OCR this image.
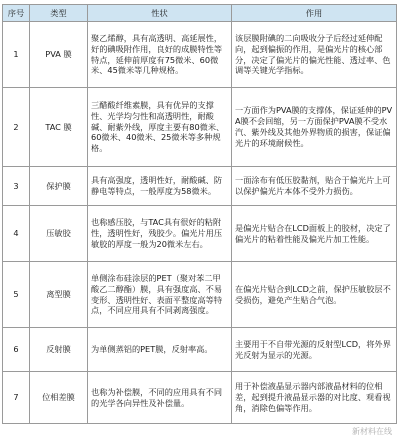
序号	类型	性状	作用
1	PVA 膜	聚乙烯醇，具有高透明、高延展性，好的碘吸附作用，良好的成膜特性等特点，延伸前厚度有75微米、60微米、45微米等几种规格。	该层膜附碘的二向吸收分子后经过延伸配向，起到偏振的作用，是偏光片的核心部分，决定了偏光片的偏光性能、透过率、色调等关键光学指标。
2	TAC 膜	三醋酸纤维素膜，具有优异的支撑性、光学均匀性和高透明性，耐酸碱、耐紫外线，厚度主要有80微米、60微米、40微米、25微米等多种规格。	一方面作为PVA膜的支撑体，保证延伸的PVA膜不会回缩，另一方面保护PVA膜不受水汽、紫外线及其他外界物质的损害，保证偏光片的环境耐候性。
3	保护膜	具有高强度，透明性好，耐酸碱、防静电等特点，一般厚度为58微米。	一面涂布有低压胶黏剂，贴合于偏光片上可以保护偏光片本体不受外力损伤。
4	压敏胶	也称感压胶，与TAC具有很好的粘附性，透明性好，残胶少。偏光片用压敏胶的厚度一般为20微米左右。	是偏光片贴合在LCD面板上的胶材，决定了偏光片的粘着性能及偏光片加工性能。
5	离型膜	单侧涂布硅涂层的PET（聚对苯二甲酸乙二醇酯）膜，具有强度高、不易变形、透明性好、表面平整度高等特点，不同应用具有不同剥离强度。	在偏光片贴合到LCD之前，保护压敏胶层不受损伤，避免产生贴合气泡。
6	反射膜	为单侧蒸铝的PET膜，反射率高。	主要用于不自带光源的反射型LCD，将外界光反射为显示的光源。
7	位相差膜	也称为补偿膜，不同的应用具有不同的光学各向异性及补偿量。	用于补偿液晶显示器内部液晶材料的位相差，起到提升液晶显示器的对比度、观看视角，消除色偏等作用。
新材料在线
